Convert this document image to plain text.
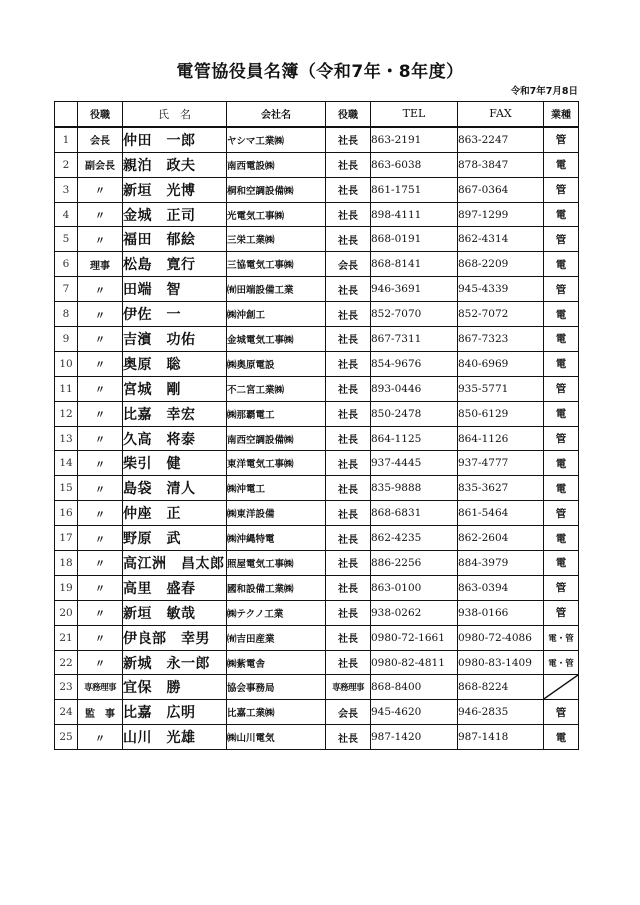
電管協役員名簿（令和7年・8年度）
令和7年7月8日
	役職	氏　名	会社名	役職	TEL	FAX	業種
1	会長	仲田　一郎	ヤシマ工業㈱	社長	863-2191	863-2247	管
2	副会長	親泊　政夫	南西電設㈱	社長	863-6038	878-3847	電
3	〃	新垣　光博	桐和空調設備㈱	社長	861-1751	867-0364	管
4	〃	金城　正司	光電気工事㈱	社長	898-4111	897-1299	電
5	〃	福田　郁絵	三栄工業㈱	社長	868-0191	862-4314	管
6	理事	松島　寛行	三協電気工事㈱	会長	868-8141	868-2209	電
7	〃	田端　智	㈲田端設備工業	社長	946-3691	945-4339	管
8	〃	伊佐　一	㈱沖創工	社長	852-7070	852-7072	電
9	〃	吉濱　功佑	金城電気工事㈱	社長	867-7311	867-7323	電
10	〃	奥原　聡	㈱奥原電設	社長	854-9676	840-6969	電
11	〃	宮城　剛	不二宮工業㈱	社長	893-0446	935-5771	管
12	〃	比嘉　幸宏	㈱那覇電工	社長	850-2478	850-6129	電
13	〃	久高　将泰	南西空調設備㈱	社長	864-1125	864-1126	管
14	〃	柴引　健	東洋電気工事㈱	社長	937-4445	937-4777	電
15	〃	島袋　清人	㈱沖電工	社長	835-9888	835-3627	電
16	〃	仲座　正	㈱東洋設備	社長	868-6831	861-5464	管
17	〃	野原　武	㈱沖縄特電	社長	862-4235	862-2604	電
18	〃	高江洲　昌太郎	照屋電気工事㈱	社長	886-2256	884-3979	電
19	〃	高里　盛春	國和設備工業㈱	社長	863-0100	863-0394	管
20	〃	新垣　敏哉	㈱テクノ工業	社長	938-0262	938-0166	管
21	〃	伊良部　幸男	㈲吉田産業	社長	0980-72-1661	0980-72-4086	電・管
22	〃	新城　永一郎	㈱紫電舎	社長	0980-82-4811	0980-83-1409	電・管
23	専務理事	宜保　勝	協会事務局	専務理事	868-8400	868-8224	

24	監　事	比嘉　広明	比嘉工業㈱	会長	945-4620	946-2835	管
25	〃	山川　光雄	㈱山川電気	社長	987-1420	987-1418	電
